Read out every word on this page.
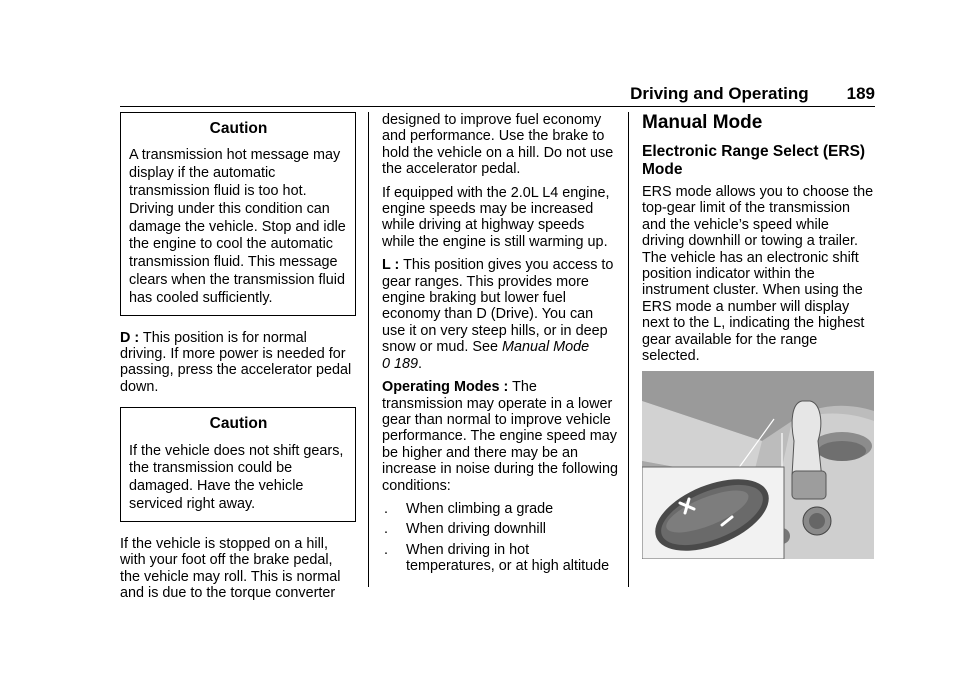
Driving and Operating 189
Caution
A transmission hot message may display if the automatic transmission fluid is too hot. Driving under this condition can damage the vehicle. Stop and idle the engine to cool the automatic transmission fluid. This message clears when the transmission fluid has cooled sufficiently.

D : This position is for normal driving. If more power is needed for passing, press the accelerator pedal down.

Caution
If the vehicle does not shift gears, the transmission could be damaged. Have the vehicle serviced right away.

If the vehicle is stopped on a hill, with your foot off the brake pedal, the vehicle may roll. This is normal and is due to the torque converter

designed to improve fuel economy and performance. Use the brake to hold the vehicle on a hill. Do not use the accelerator pedal.

If equipped with the 2.0L L4 engine, engine speeds may be increased while driving at highway speeds while the engine is still warming up.

L : This position gives you access to gear ranges. This provides more engine braking but lower fuel economy than D (Drive). You can use it on very steep hills, or in deep snow or mud. See Manual Mode
0 189.

Operating Modes : The transmission may operate in a lower gear than normal to improve vehicle performance. The engine speed may be higher and there may be an increase in noise during the following conditions:

.	When climbing a grade
.	When driving downhill
.	When driving in hot temperatures, or at high altitude
Manual Mode
Electronic Range Select (ERS) Mode

ERS mode allows you to choose the top-gear limit of the transmission and the vehicle’s speed while driving downhill or towing a trailer. The vehicle has an electronic shift position indicator within the instrument cluster. When using the ERS mode a number will display next to the L, indicating the highest gear available for the range selected.
